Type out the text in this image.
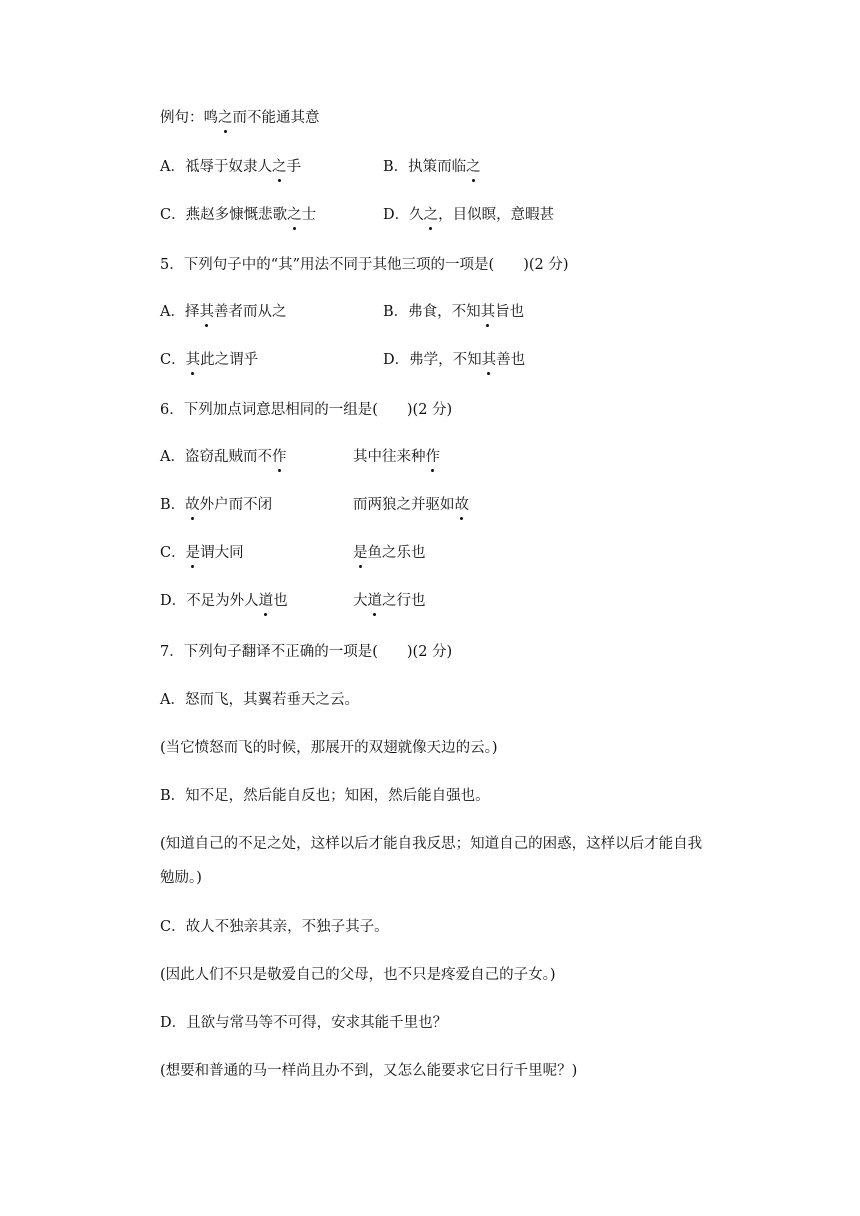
例句：鸣之而不能通其意
A．祗辱于奴隶人之手	B．执策而临之
C．燕赵多慷慨悲歌之士	D．久之，目似瞑，意暇甚
5．下列句子中的“其”用法不同于其他三项的一项是(　　)(2 分)
A．择其善者而从之	B．弗食，不知其旨也
C．其此之谓乎	D．弗学，不知其善也
6．下列加点词意思相同的一组是(　　)(2 分)
A．盗窃乱贼而不作	其中往来种作
B．故外户而不闭	而两狼之并驱如故
C．是谓大同	是鱼之乐也
D．不足为外人道也	大道之行也
7．下列句子翻译不正确的一项是(　　)(2 分)
A．怒而飞，其翼若垂天之云。
(当它愤怒而飞的时候，那展开的双翅就像天边的云。)
B．知不足，然后能自反也；知困，然后能自强也。
(知道自己的不足之处，这样以后才能自我反思；知道自己的困惑，这样以后才能自我
勉励。)
C．故人不独亲其亲，不独子其子。
(因此人们不只是敬爱自己的父母，也不只是疼爱自己的子女。)
D．且欲与常马等不可得，安求其能千里也？
(想要和普通的马一样尚且办不到，又怎么能要求它日行千里呢？)
